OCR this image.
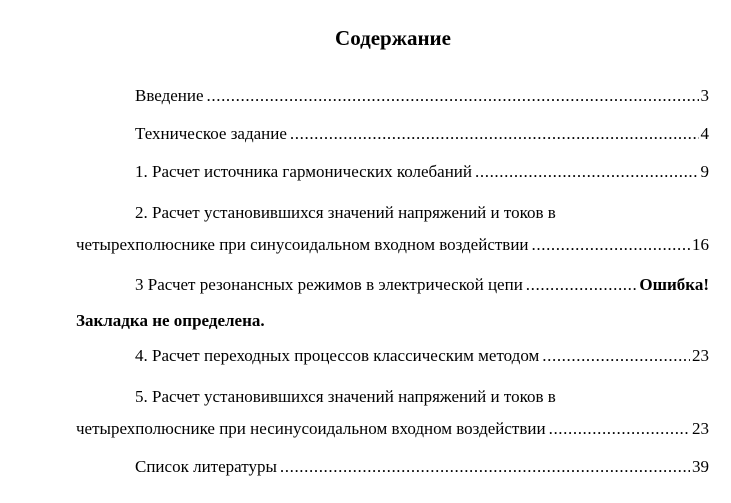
Содержание
Введение .....	3
Техническое задание .....	4
1. Расчет источника гармонических колебаний .....	9
2. Расчет установившихся значений напряжений и токов в
четырехполюснике при синусоидальном входном воздействии .....	16
3 Расчет резонансных режимов в электрической цепи .....	Ошибка!
Закладка не определена.
4. Расчет переходных процессов классическим методом .....	23
5. Расчет установившихся значений напряжений и токов в
четырехполюснике при несинусоидальном входном воздействии .....	23
Список литературы .....	39
